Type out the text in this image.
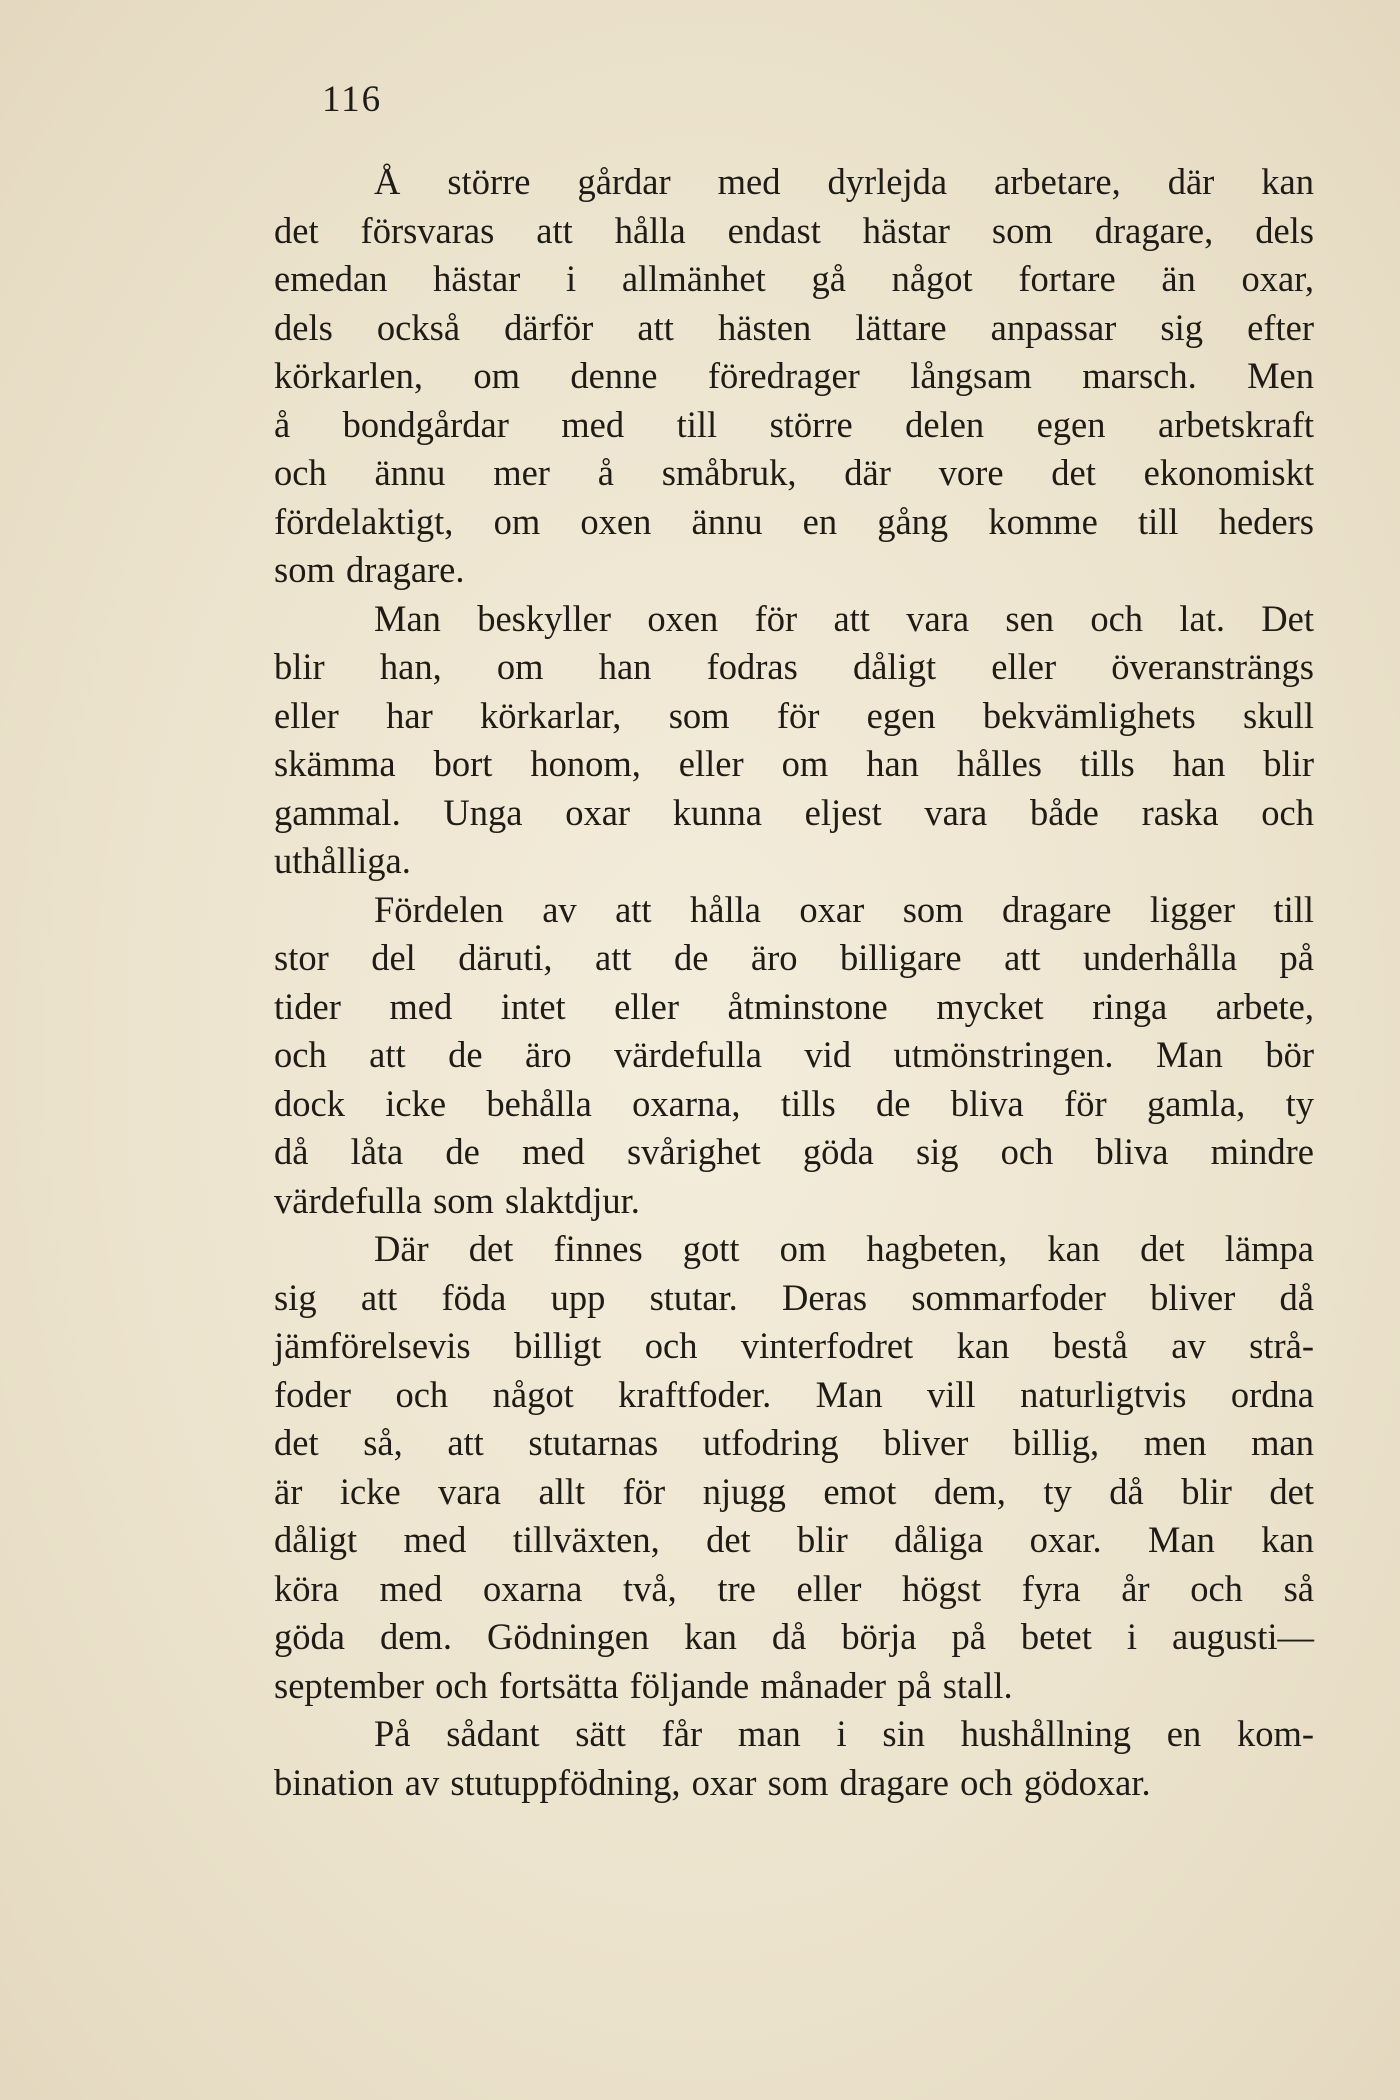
116
Å större gårdar med dyrlejda arbetare, där kan
det försvaras att hålla endast hästar som dragare, dels
emedan hästar i allmänhet gå något fortare än oxar,
dels också därför att hästen lättare anpassar sig efter
körkarlen, om denne föredrager långsam marsch. Men
å bondgårdar med till större delen egen arbetskraft
och ännu mer å småbruk, där vore det ekonomiskt
fördelaktigt, om oxen ännu en gång komme till heders
som dragare.
Man beskyller oxen för att vara sen och lat. Det
blir han, om han fodras dåligt eller överansträngs
eller har körkarlar, som för egen bekvämlighets skull
skämma bort honom, eller om han hålles tills han blir
gammal. Unga oxar kunna eljest vara både raska och
uthålliga.
Fördelen av att hålla oxar som dragare ligger till
stor del däruti, att de äro billigare att underhålla på
tider med intet eller åtminstone mycket ringa arbete,
och att de äro värdefulla vid utmönstringen. Man bör
dock icke behålla oxarna, tills de bliva för gamla, ty
då låta de med svårighet göda sig och bliva mindre
värdefulla som slaktdjur.
Där det finnes gott om hagbeten, kan det lämpa
sig att föda upp stutar. Deras sommarfoder bliver då
jämförelsevis billigt och vinterfodret kan bestå av strå-
foder och något kraftfoder. Man vill naturligtvis ordna
det så, att stutarnas utfodring bliver billig, men man
är icke vara allt för njugg emot dem, ty då blir det
dåligt med tillväxten, det blir dåliga oxar. Man kan
köra med oxarna två, tre eller högst fyra år och så
göda dem. Gödningen kan då börja på betet i augusti—
september och fortsätta följande månader på stall.
På sådant sätt får man i sin hushållning en kom-
bination av stutuppfödning, oxar som dragare och gödoxar.
